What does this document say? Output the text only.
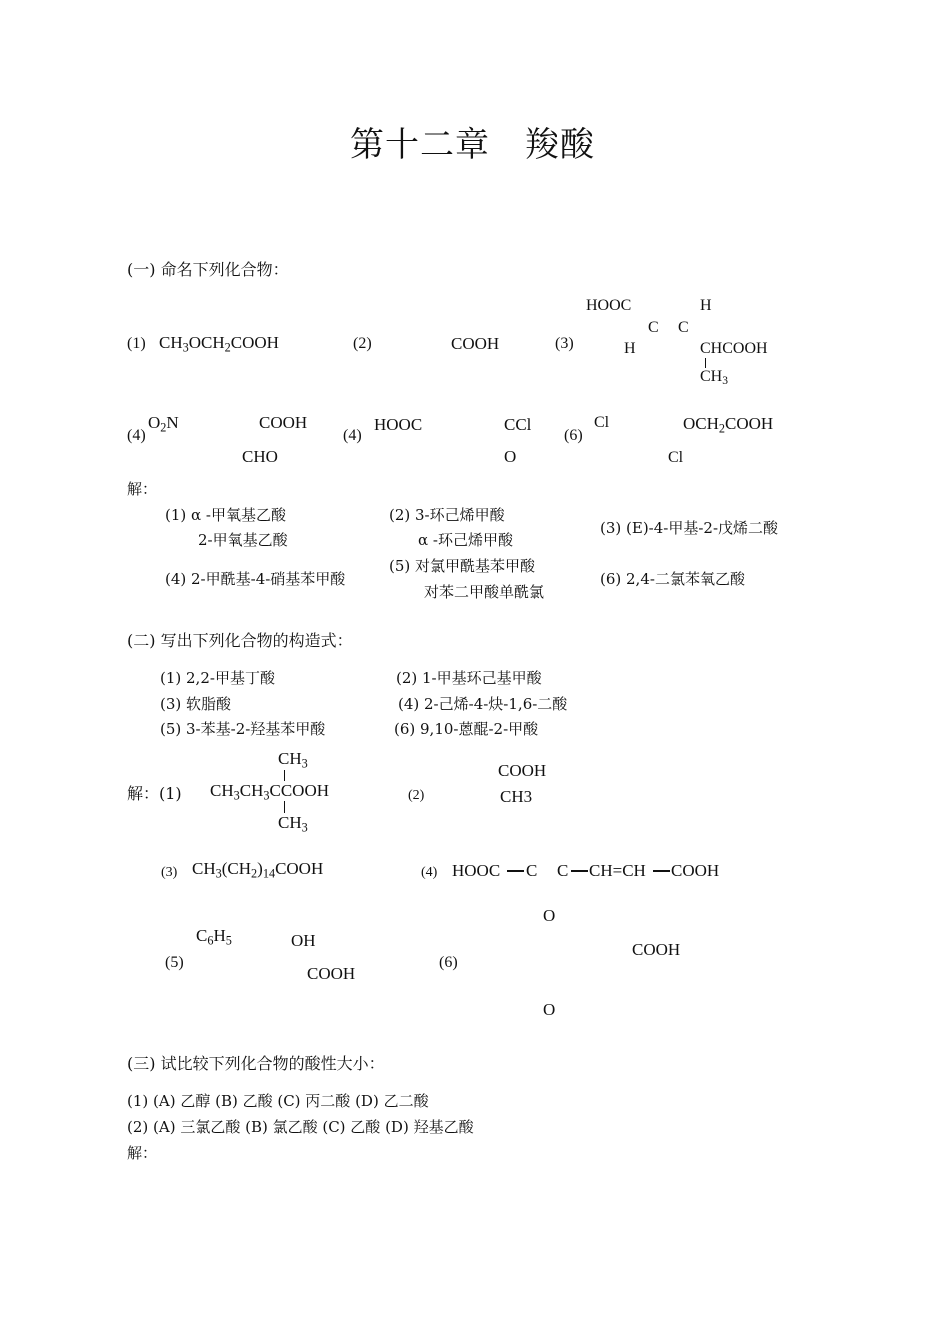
第十二章　羧酸
(一) 命名下列化合物：
(1) $CH_3OCH_2COOH$	(2)	COOH	(3)
HOOC	H
C C
H	CHCOOH
$CH_3$
(4)
$O_2N$	COOH
CHO
(4)
HOOC	CCl
O
(6)
Cl	$OCH_2COOH$
Cl
解：
(1) α -甲氧基乙酸
2-甲氧基乙酸
(2) 3-环己烯甲酸
α -环己烯甲酸
(3) (E)-4-甲基-2-戊烯二酸
(4) 2-甲酰基-4-硝基苯甲酸
(5) 对氯甲酰基苯甲酸
对苯二甲酸单酰氯
(6) 2,4-二氯苯氧乙酸
(二) 写出下列化合物的构造式：
(1) 2,2-甲基丁酸	(2) 1-甲基环己基甲酸
(3) 软脂酸	(4) 2-己烯-4-炔-1,6-二酸
(5) 3-苯基-2-羟基苯甲酸	(6) 9,10-蒽醌-2-甲酸
解：(1)
$CH_3$
$CH_3CH_3CCOOH$
$CH_3$
(2)
COOH
CH3
(3) $CH_3(CH_2)_{14}COOH$	(4) HOOC C C CH=CH COOH
(5)
$C_6H_5$	OH
COOH
(6)
O
COOH
O
(三) 试比较下列化合物的酸性大小：
(1) (A) 乙醇 (B) 乙酸 (C) 丙二酸 (D) 乙二酸
(2) (A) 三氯乙酸 (B) 氯乙酸 (C) 乙酸 (D) 羟基乙酸
解：
